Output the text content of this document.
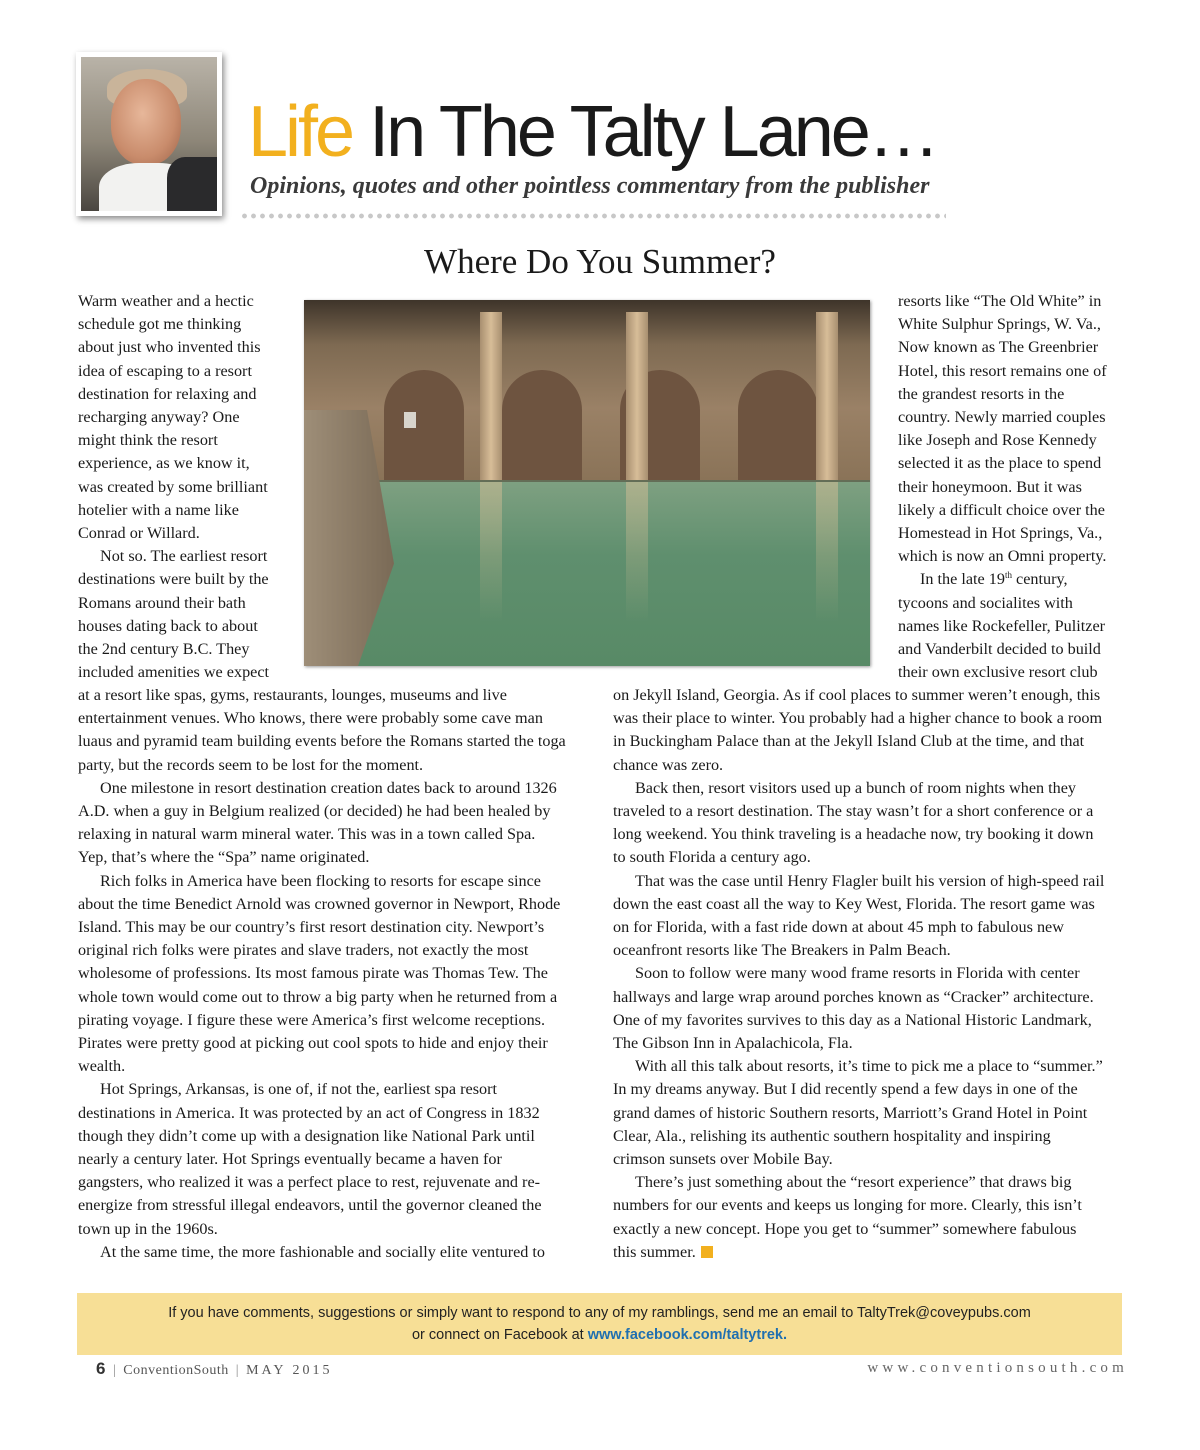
Life In The Talty Lane…
Opinions, quotes and other pointless commentary from the publisher
Where Do You Summer?

Warm weather and a hectic
schedule got me thinking
about just who invented this
idea of escaping to a resort
destination for relaxing and
recharging anyway? One
might think the resort
experience, as we know it,
was created by some brilliant
hotelier with a name like
Conrad or Willard.

Not so. The earliest resort
destinations were built by the
Romans around their bath
houses dating back to about
the 2nd century B.C. They
included amenities we expect

resorts like “The Old White” in
White Sulphur Springs, W. Va.,
Now known as The Greenbrier
Hotel, this resort remains one of
the grandest resorts in the
country. Newly married couples
like Joseph and Rose Kennedy
selected it as the place to spend
their honeymoon. But it was
likely a difficult choice over the
Homestead in Hot Springs, Va.,
which is now an Omni property.

In the late 19th century,
tycoons and socialites with
names like Rockefeller, Pulitzer
and Vanderbilt decided to build
their own exclusive resort club

at a resort like spas, gyms, restaurants, lounges, museums and live
entertainment venues. Who knows, there were probably some cave man
luaus and pyramid team building events before the Romans started the toga
party, but the records seem to be lost for the moment.

One milestone in resort destination creation dates back to around 1326
A.D. when a guy in Belgium realized (or decided) he had been healed by
relaxing in natural warm mineral water. This was in a town called Spa.
Yep, that’s where the “Spa” name originated.

Rich folks in America have been flocking to resorts for escape since
about the time Benedict Arnold was crowned governor in Newport, Rhode
Island. This may be our country’s first resort destination city. Newport’s
original rich folks were pirates and slave traders, not exactly the most
wholesome of professions. Its most famous pirate was Thomas Tew. The
whole town would come out to throw a big party when he returned from a
pirating voyage. I figure these were America’s first welcome receptions.
Pirates were pretty good at picking out cool spots to hide and enjoy their
wealth.

Hot Springs, Arkansas, is one of, if not the, earliest spa resort
destinations in America. It was protected by an act of Congress in 1832
though they didn’t come up with a designation like National Park until
nearly a century later. Hot Springs eventually became a haven for
gangsters, who realized it was a perfect place to rest, rejuvenate and re-
energize from stressful illegal endeavors, until the governor cleaned the
town up in the 1960s.

At the same time, the more fashionable and socially elite ventured to

on Jekyll Island, Georgia. As if cool places to summer weren’t enough, this
was their place to winter. You probably had a higher chance to book a room
in Buckingham Palace than at the Jekyll Island Club at the time, and that
chance was zero.

Back then, resort visitors used up a bunch of room nights when they
traveled to a resort destination. The stay wasn’t for a short conference or a
long weekend. You think traveling is a headache now, try booking it down
to south Florida a century ago.

That was the case until Henry Flagler built his version of high-speed rail
down the east coast all the way to Key West, Florida. The resort game was
on for Florida, with a fast ride down at about 45 mph to fabulous new
oceanfront resorts like The Breakers in Palm Beach.

Soon to follow were many wood frame resorts in Florida with center
hallways and large wrap around porches known as “Cracker” architecture.
One of my favorites survives to this day as a National Historic Landmark,
The Gibson Inn in Apalachicola, Fla.

With all this talk about resorts, it’s time to pick me a place to “summer.”
In my dreams anyway. But I did recently spend a few days in one of the
grand dames of historic Southern resorts, Marriott’s Grand Hotel in Point
Clear, Ala., relishing its authentic southern hospitality and inspiring
crimson sunsets over Mobile Bay.

There’s just something about the “resort experience” that draws big
numbers for our events and keeps us longing for more. Clearly, this isn’t
exactly a new concept. Hope you get to “summer” somewhere fabulous
this summer.

If you have comments, suggestions or simply want to respond to any of my ramblings, send me an email to TaltyTrek@coveypubs.com
or connect on Facebook at www.facebook.com/taltytrek.
6 | ConventionSouth | MAY 2015	www.conventionsouth.com
